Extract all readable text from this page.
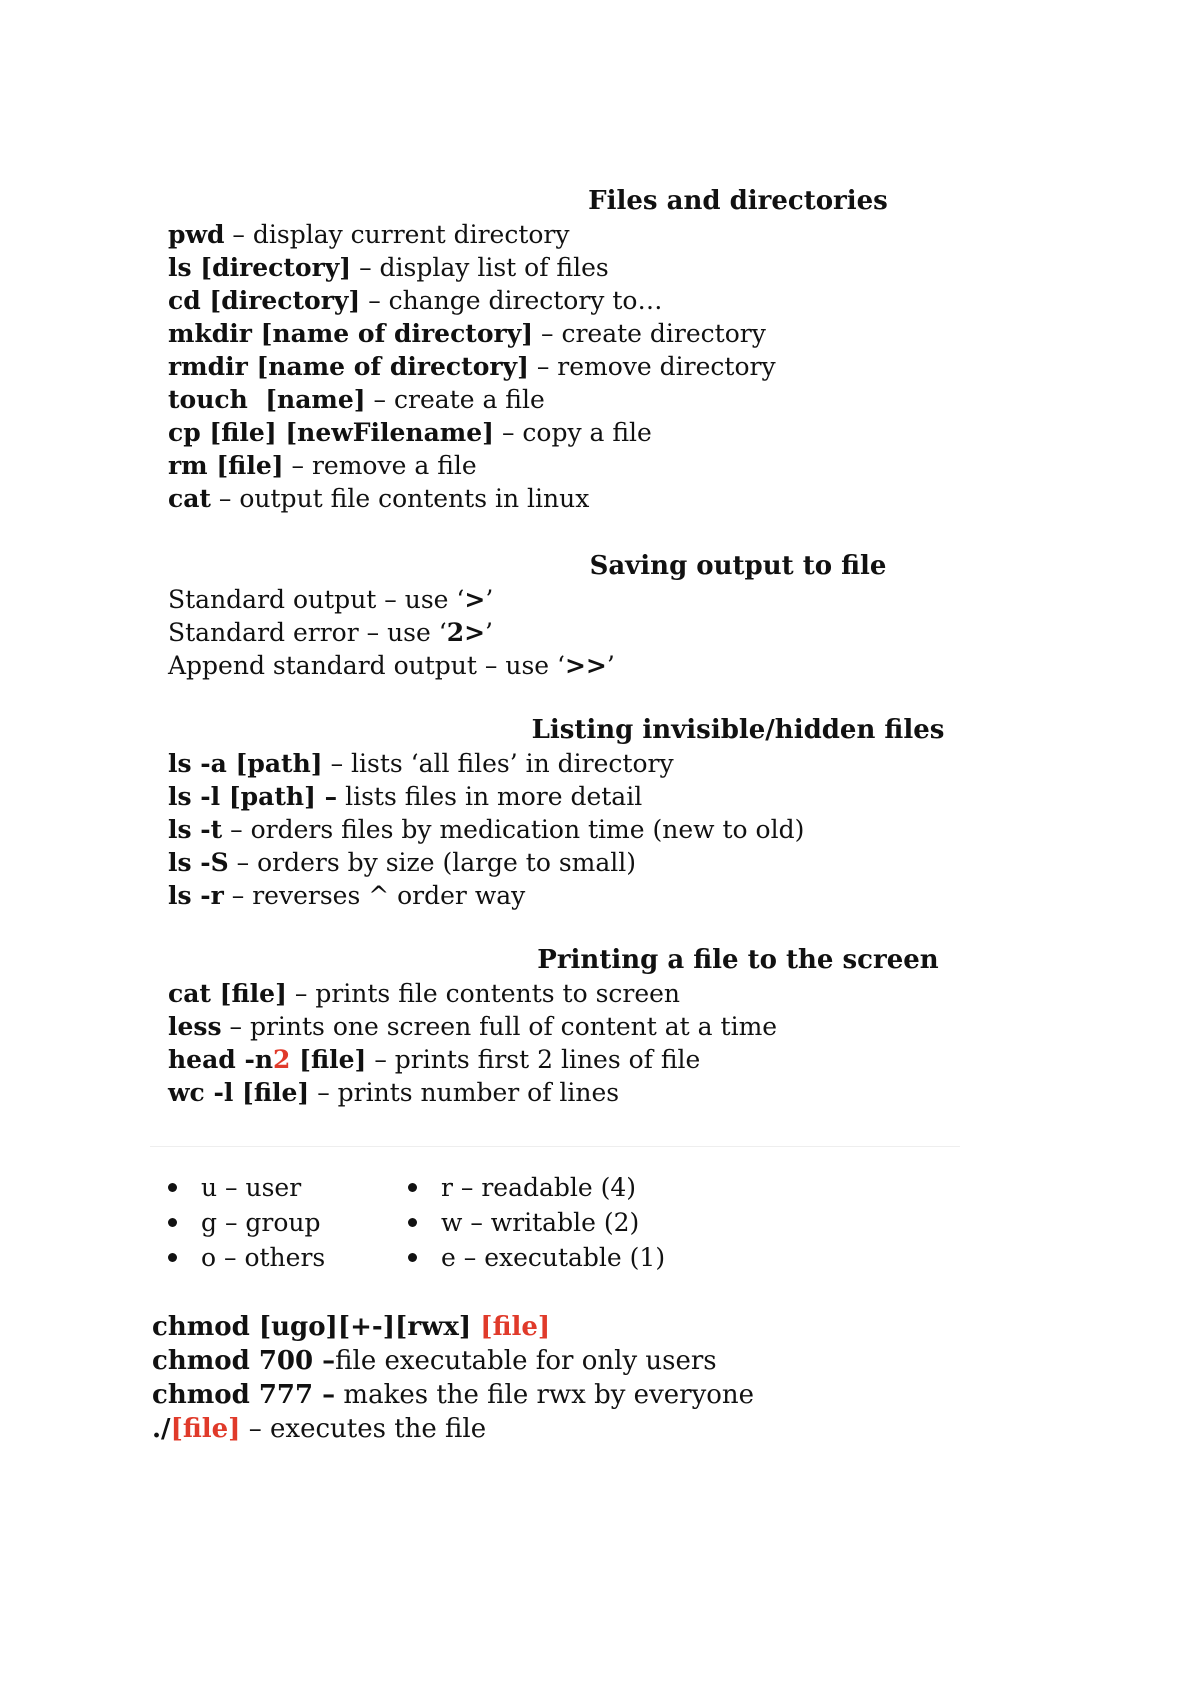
Files and directories
pwd – display current directory
ls [directory] – display list of files
cd [directory] – change directory to…
mkdir [name of directory] – create directory
rmdir [name of directory] – remove directory
touch  [name] – create a file
cp [file] [newFilename] – copy a file
rm [file] – remove a file
cat – output file contents in linux
Saving output to file
Standard output – use ‘>’
Standard error – use ‘2>’
Append standard output – use ‘>>’
Listing invisible/hidden files
ls -a [path] – lists ‘all files’ in directory
ls -l [path] – lists files in more detail
ls -t – orders files by medication time (new to old)
ls -S – orders by size (large to small)
ls -r – reverses ^ order way
Printing a file to the screen
cat [file] – prints file contents to screen
less – prints one screen full of content at a time
head -n2 [file] – prints first 2 lines of file
wc -l [file] – prints number of lines
u – user
g – group
o – others
r – readable (4)
w – writable (2)
e – executable (1)
chmod [ugo][+-][rwx] [file]
chmod 700 –file executable for only users
chmod 777 – makes the file rwx by everyone
./[file] – executes the file
